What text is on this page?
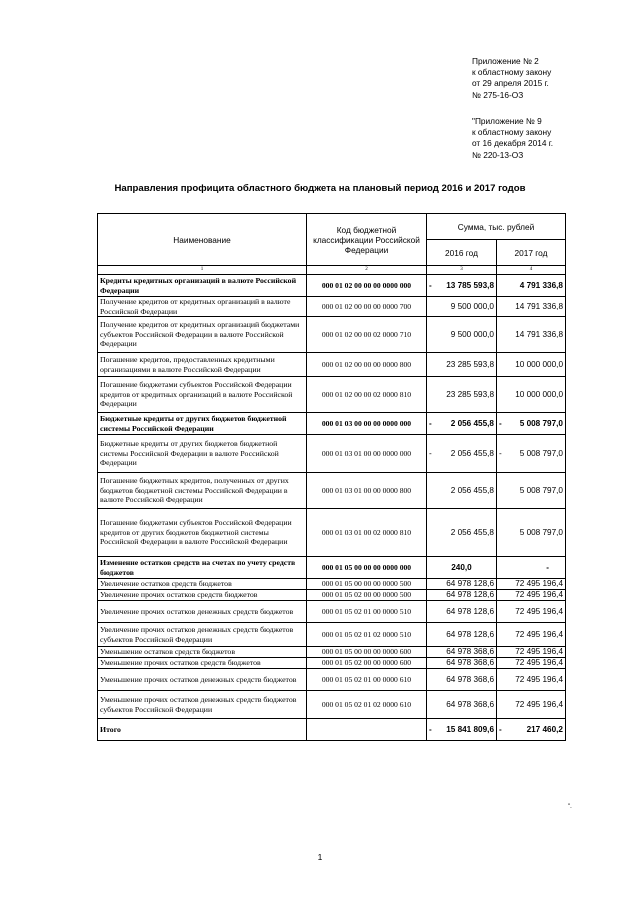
Приложение № 2
к областному закону
от 29 апреля 2015 г.
№ 275-16-ОЗ
"Приложение № 9
к областному закону
от 16 декабря 2014 г.
№ 220-13-ОЗ
Направления профицита областного бюджета на плановый период 2016 и 2017 годов
Наименование	Код бюджетной классификации Российской Федерации	Сумма, тыс. рублей	
		2016 год	2017 год
1	2	3	4
Кредиты кредитных организаций в валюте Российской Федерации	000 01 02 00 00 00 0000 000	- 13 785 593,8	4 791 336,8

Получение кредитов от кредитных организаций в валюте Российской Федерации	000 01 02 00 00 00 0000 700	9 500 000,0	14 791 336,8

Получение кредитов от кредитных организаций бюджетами субъектов Российской Федерации в валюте Российской Федерации	000 01 02 00 00 02 0000 710	9 500 000,0	14 791 336,8

Погашение кредитов, предоставленных кредитными организациями в валюте Российской Федерации	000 01 02 00 00 00 0000 800	23 285 593,8	10 000 000,0

Погашение бюджетами субъектов Российской Федерации кредитов от кредитных организаций в валюте Российской Федерации	000 01 02 00 00 02 0000 810	23 285 593,8	10 000 000,0

Бюджетные кредиты от других бюджетов бюджетной системы Российской Федерации	000 01 03 00 00 00 0000 000	- 2 056 455,8	- 5 008 797,0

Бюджетные кредиты от других бюджетов бюджетной системы Российской Федерации в валюте Российской Федерации	000 01 03 01 00 00 0000 000	- 2 056 455,8	- 5 008 797,0

Погашение бюджетных кредитов, полученных от других бюджетов бюджетной системы Российской Федерации в валюте Российской Федерации	000 01 03 01 00 00 0000 800	2 056 455,8	5 008 797,0

Погашение бюджетами субъектов Российской Федерации кредитов от других бюджетов бюджетной системы Российской Федерации в валюте Российской Федерации	000 01 03 01 00 02 0000 810	2 056 455,8	5 008 797,0

Изменение остатков средств на счетах по учету средств бюджетов	000 01 05 00 00 00 0000 000	240,0	-

Увеличение остатков средств бюджетов	000 01 05 00 00 00 0000 500	64 978 128,6	72 495 196,4

Увеличение прочих остатков средств бюджетов	000 01 05 02 00 00 0000 500	64 978 128,6	72 495 196,4

Увеличение прочих остатков денежных средств бюджетов	000 01 05 02 01 00 0000 510	64 978 128,6	72 495 196,4

Увеличение прочих остатков денежных средств бюджетов субъектов Российской Федерации	000 01 05 02 01 02 0000 510	64 978 128,6	72 495 196,4

Уменьшение остатков средств бюджетов	000 01 05 00 00 00 0000 600	64 978 368,6	72 495 196,4

Уменьшение прочих остатков средств бюджетов	000 01 05 02 00 00 0000 600	64 978 368,6	72 495 196,4

Уменьшение прочих остатков денежных средств бюджетов	000 01 05 02 01 00 0000 610	64 978 368,6	72 495 196,4

Уменьшение прочих остатков денежных средств бюджетов субъектов Российской Федерации	000 01 05 02 01 02 0000 610	64 978 368,6	72 495 196,4

Итого		- 15 841 809,6	- 217 460,2
".
1
